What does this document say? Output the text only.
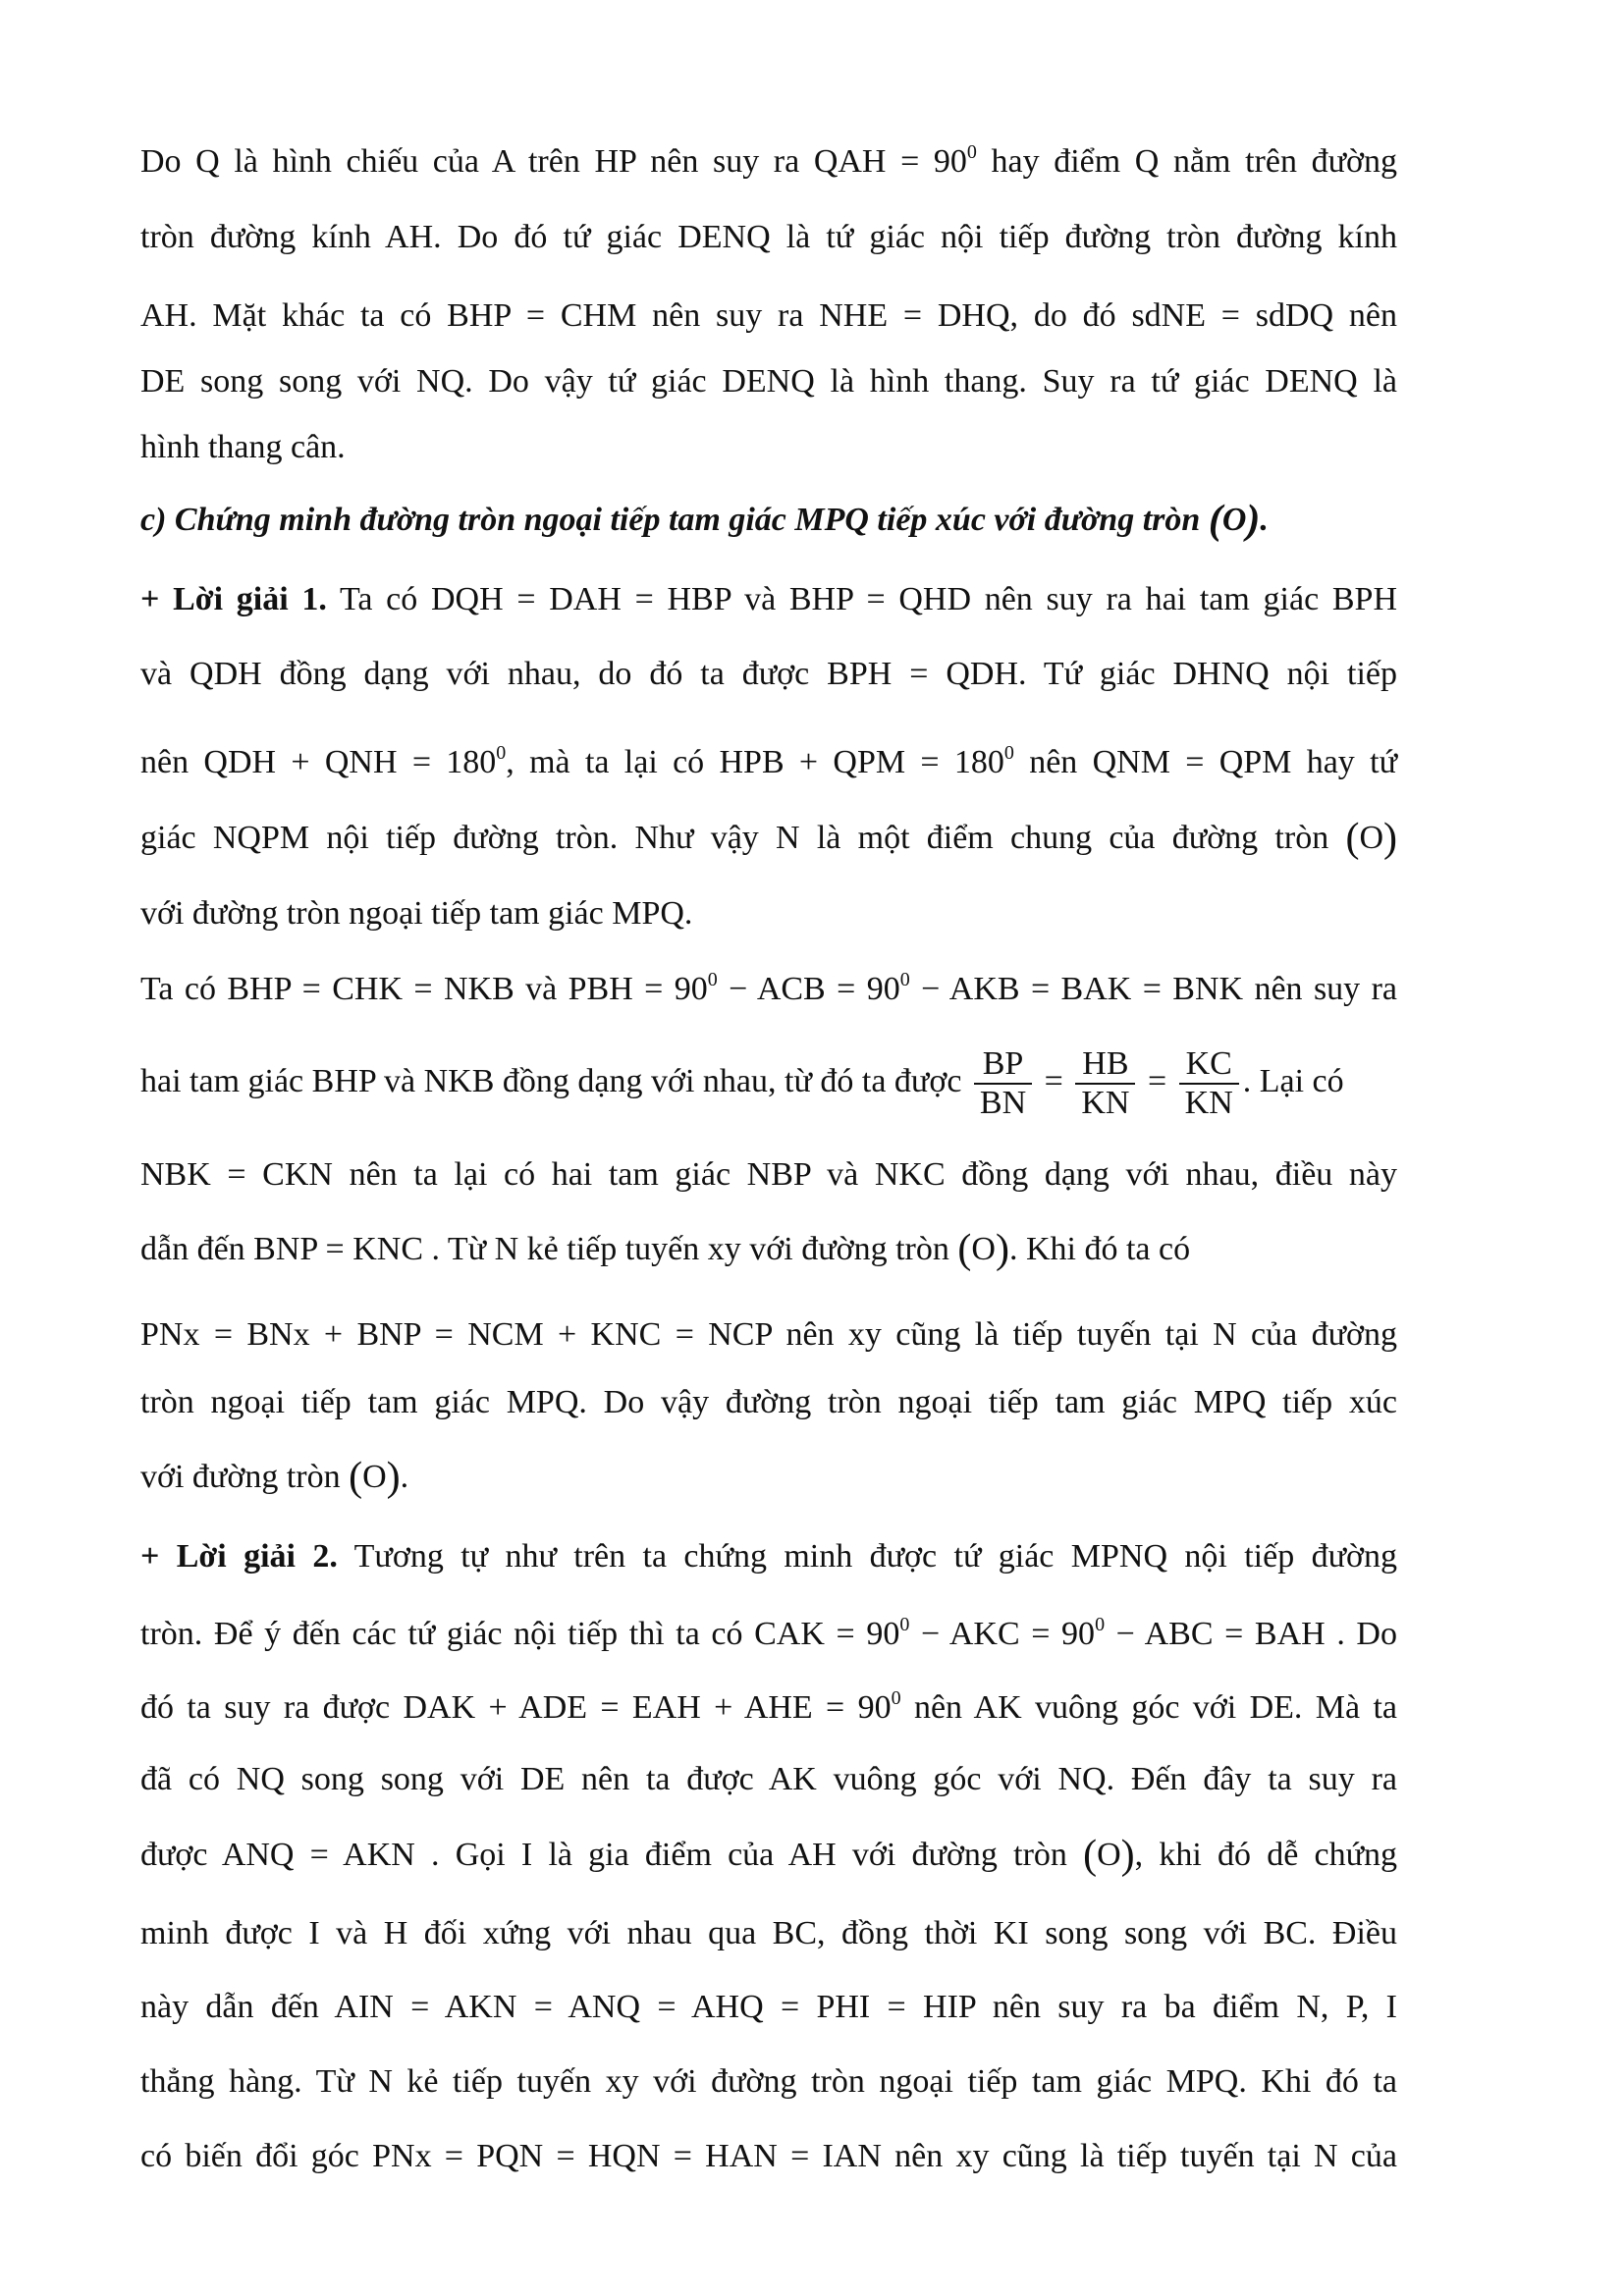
Do Q là hình chiếu của A trên HP nên suy ra QAH = $90^0$ hay điểm Q nằm trên đường
tròn đường kính AH. Do đó tứ giác DENQ là tứ giác nội tiếp đường tròn đường kính
AH. Mặt khác ta có BHP = CHM nên suy ra NHE = DHQ, do đó sdNE = sdDQ nên
DE song song với NQ. Do vậy tứ giác DENQ là hình thang. Suy ra tứ giác DENQ là
hình thang cân.
c) Chứng minh đường tròn ngoại tiếp tam giác MPQ tiếp xúc với đường tròn (O).
+ Lời giải 1. Ta có DQH = DAH = HBP và BHP = QHD nên suy ra hai tam giác BPH
và QDH đồng dạng với nhau, do đó ta được BPH = QDH. Tứ giác DHNQ nội tiếp
nên QDH + QNH = $180^0$, mà ta lại có HPB + QPM = $180^0$ nên QNM = QPM hay tứ
giác NQPM nội tiếp đường tròn. Như vậy N là một điểm chung của đường tròn (O)
với đường tròn ngoại tiếp tam giác MPQ.
Ta có BHP = CHK = NKB và PBH = $90^0$ − ACB = $90^0$ − AKB = BAK = BNK nên suy ra
hai tam giác BHP và NKB đồng dạng với nhau, từ đó ta được $\frac{BP}{BN} = \frac{HB}{KN} = \frac{KC}{KN}$ . Lại có
NBK = CKN nên ta lại có hai tam giác NBP và NKC đồng dạng với nhau, điều này
dẫn đến BNP = KNC . Từ N kẻ tiếp tuyến xy với đường tròn (O). Khi đó ta có
PNx = BNx + BNP = NCM + KNC = NCP nên xy cũng là tiếp tuyến tại N của đường
tròn ngoại tiếp tam giác MPQ. Do vậy đường tròn ngoại tiếp tam giác MPQ tiếp xúc
với đường tròn (O).
+ Lời giải 2. Tương tự như trên ta chứng minh được tứ giác MPNQ nội tiếp đường
tròn. Để ý đến các tứ giác nội tiếp thì ta có CAK = $90^0$ − AKC = $90^0$ − ABC = BAH . Do
đó ta suy ra được DAK + ADE = EAH + AHE = $90^0$ nên AK vuông góc với DE. Mà ta
đã có NQ song song với DE nên ta được AK vuông góc với NQ. Đến đây ta suy ra
được ANQ = AKN . Gọi I là gia điểm của AH với đường tròn (O), khi đó dễ chứng
minh được I và H đối xứng với nhau qua BC, đồng thời KI song song với BC. Điều
này dẫn đến AIN = AKN = ANQ = AHQ = PHI = HIP nên suy ra ba điểm N, P, I
thẳng hàng. Từ N kẻ tiếp tuyến xy với đường tròn ngoại tiếp tam giác MPQ. Khi đó ta
có biến đổi góc PNx = PQN = HQN = HAN = IAN nên xy cũng là tiếp tuyến tại N của
